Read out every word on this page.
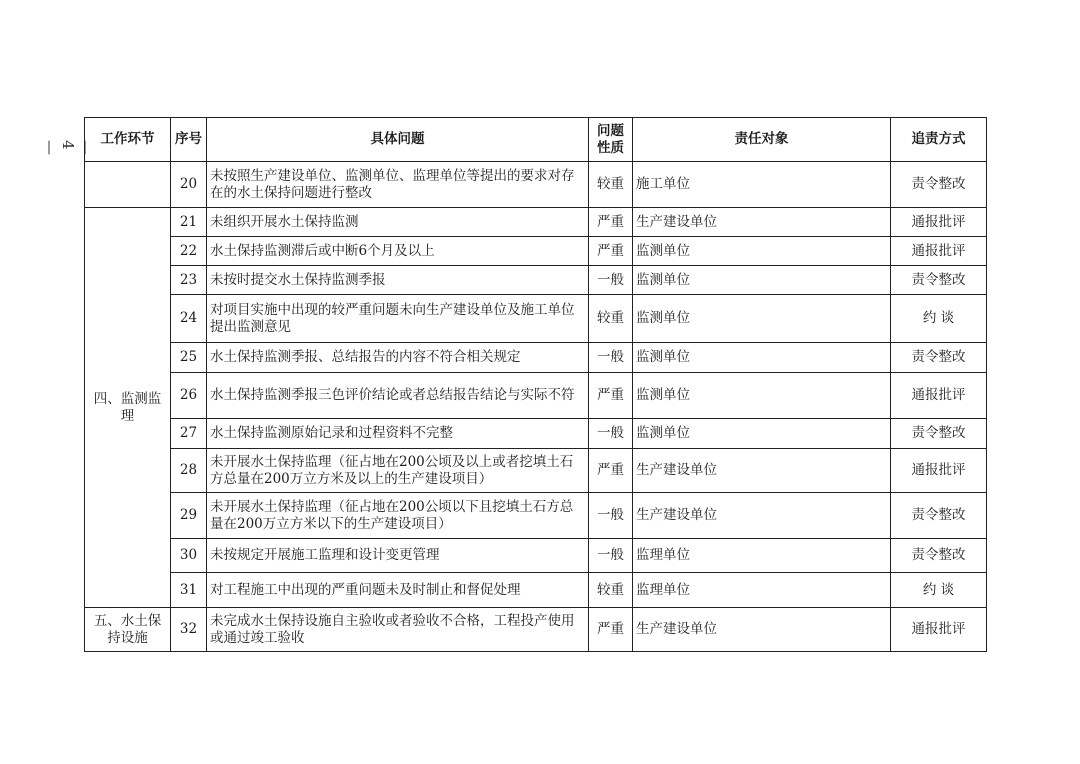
— 4 —
工作环节	序号	具体问题	问题性质	责任对象	追责方式
	20	未按照生产建设单位、监测单位、监理单位等提出的要求对存在的水土保持问题进行整改	较重	施工单位	责令整改
四、监测监理	21	未组织开展水土保持监测	严重	生产建设单位	通报批评
	22	水土保持监测滞后或中断6个月及以上	严重	监测单位	通报批评
	23	未按时提交水土保持监测季报	一般	监测单位	责令整改
	24	对项目实施中出现的较严重问题未向生产建设单位及施工单位提出监测意见	较重	监测单位	约 谈
	25	水土保持监测季报、总结报告的内容不符合相关规定	一般	监测单位	责令整改
	26	水土保持监测季报三色评价结论或者总结报告结论与实际不符	严重	监测单位	通报批评
	27	水土保持监测原始记录和过程资料不完整	一般	监测单位	责令整改
	28	未开展水土保持监理（征占地在200公顷及以上或者挖填土石方总量在200万立方米及以上的生产建设项目）	严重	生产建设单位	通报批评
	29	未开展水土保持监理（征占地在200公顷以下且挖填土石方总量在200万立方米以下的生产建设项目）	一般	生产建设单位	责令整改
	30	未按规定开展施工监理和设计变更管理	一般	监理单位	责令整改
	31	对工程施工中出现的严重问题未及时制止和督促处理	较重	监理单位	约 谈
五、水土保持设施	32	未完成水土保持设施自主验收或者验收不合格，工程投产使用或通过竣工验收	严重	生产建设单位	通报批评
